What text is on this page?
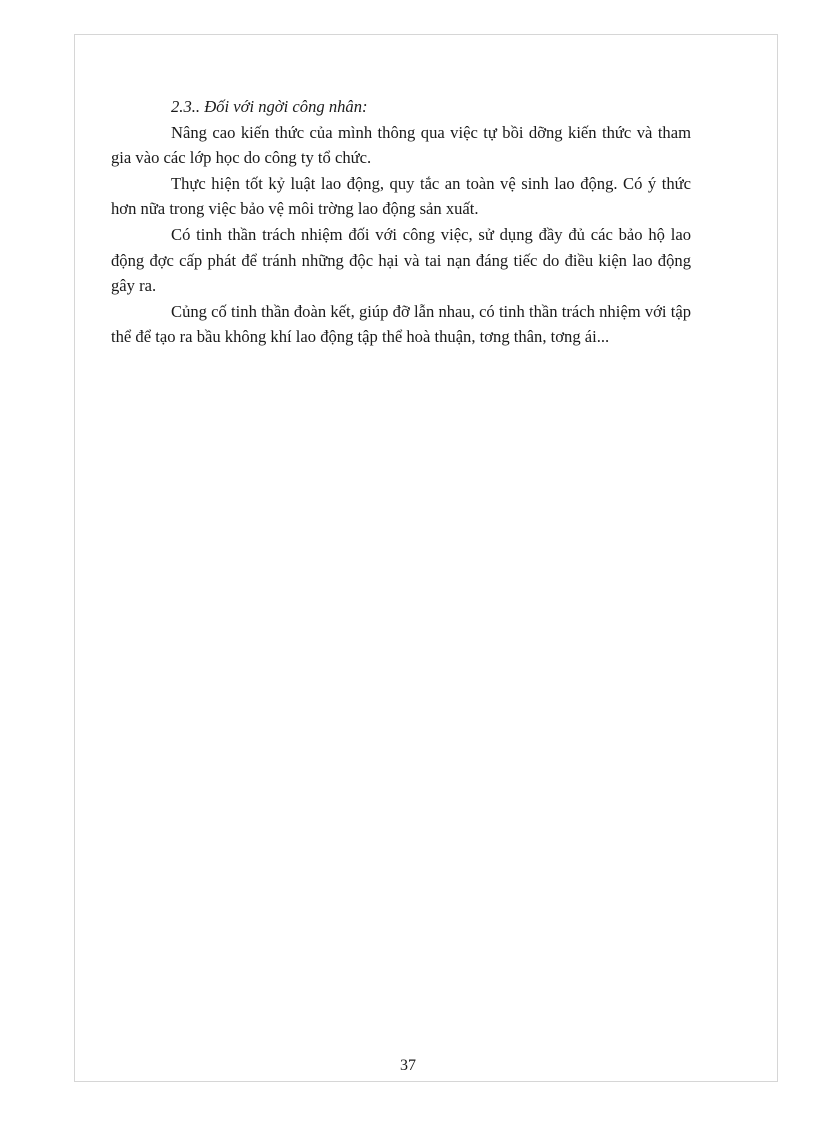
2.3.. Đối với ngời công nhân:

Nâng cao kiến thức của mình thông qua việc tự bồi dỡng kiến thức và tham gia vào các lớp học do công ty tổ chức.

Thực hiện tốt kỷ luật lao động, quy tắc an toàn vệ sinh lao động. Có ý thức hơn nữa trong việc bảo vệ môi trờng lao động sản xuất.

Có tinh thần trách nhiệm đối với công việc, sử dụng đầy đủ các bảo hộ lao động đợc cấp phát để tránh những độc hại và tai nạn đáng tiếc do điều kiện lao động gây ra.

Củng cố tinh thần đoàn kết, giúp đỡ lẫn nhau, có tinh thần trách nhiệm với tập thể để tạo ra bầu không khí lao động tập thể hoà thuận, tơng thân, tơng ái...

37
